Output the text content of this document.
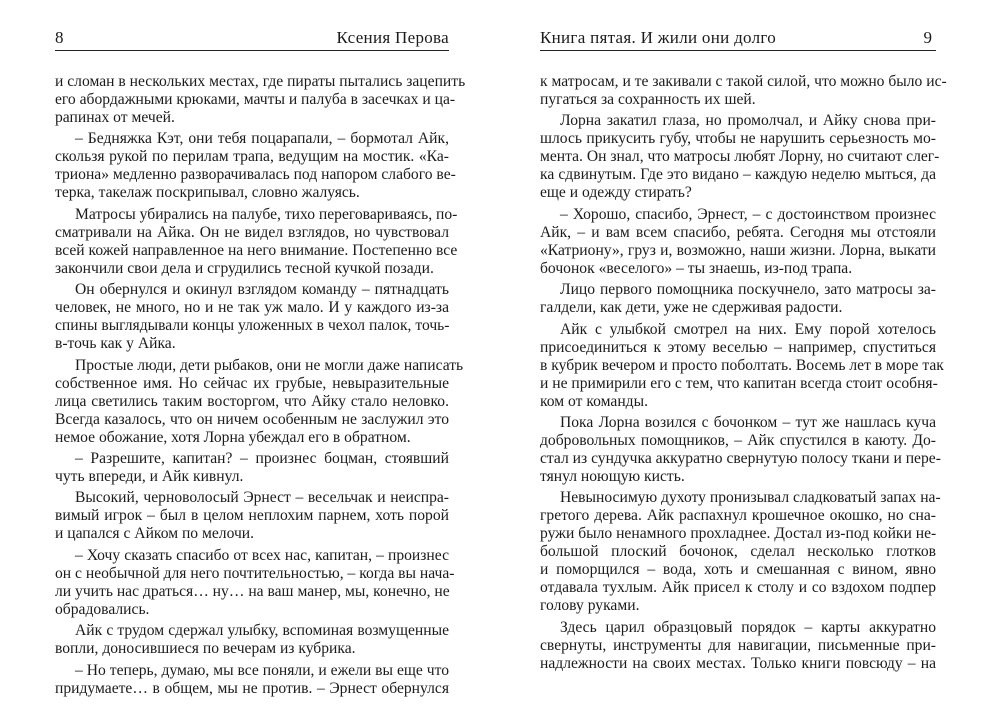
8	Ксения Перова
и сломан в нескольких местах, где пираты пытались зацепить
его абордажными крюками, мачты и палуба в засечках и ца-
рапинах от мечей.
– Бедняжка Кэт, они тебя поцарапали, – бормотал Айк,
скользя рукой по перилам трапа, ведущим на мостик. «Ка-
триона» медленно разворачивалась под напором слабого ве-
терка, такелаж поскрипывал, словно жалуясь.
Матросы убирались на палубе, тихо переговариваясь, по-
сматривали на Айка. Он не видел взглядов, но чувствовал
всей кожей направленное на него внимание. Постепенно все
закончили свои дела и сгрудились тесной кучкой позади.
Он обернулся и окинул взглядом команду – пятнадцать
человек, не много, но и не так уж мало. И у каждого из-за
спины выглядывали концы уложенных в чехол палок, точь-
в-точь как у Айка.
Простые люди, дети рыбаков, они не могли даже написать
собственное имя. Но сейчас их грубые, невыразительные
лица светились таким восторгом, что Айку стало неловко.
Всегда казалось, что он ничем особенным не заслужил это
немое обожание, хотя Лорна убеждал его в обратном.
– Разрешите, капитан? – произнес боцман, стоявший
чуть впереди, и Айк кивнул.
Высокий, черноволосый Эрнест – весельчак и неиспра-
вимый игрок – был в целом неплохим парнем, хоть порой
и цапался с Айком по мелочи.
– Хочу сказать спасибо от всех нас, капитан, – произнес
он с необычной для него почтительностью, – когда вы нача-
ли учить нас драться… ну… на ваш манер, мы, конечно, не
обрадовались.
Айк с трудом сдержал улыбку, вспоминая возмущенные
вопли, доносившиеся по вечерам из кубрика.
– Но теперь, думаю, мы все поняли, и ежели вы еще что
придумаете… в общем, мы не против. – Эрнест обернулся
Книга пятая. И жили они долго	9
к матросам, и те закивали с такой силой, что можно было ис-
пугаться за сохранность их шей.
Лорна закатил глаза, но промолчал, и Айку снова при-
шлось прикусить губу, чтобы не нарушить серьезность мо-
мента. Он знал, что матросы любят Лорну, но считают слег-
ка сдвинутым. Где это видано – каждую неделю мыться, да
еще и одежду стирать?
– Хорошо, спасибо, Эрнест, – с достоинством произнес
Айк, – и вам всем спасибо, ребята. Сегодня мы отстояли
«Катриону», груз и, возможно, наши жизни. Лорна, выкати
бочонок «веселого» – ты знаешь, из-под трапа.
Лицо первого помощника поскучнело, зато матросы за-
галдели, как дети, уже не сдерживая радости.
Айк с улыбкой смотрел на них. Ему порой хотелось
присоединиться к этому веселью – например, спуститься
в кубрик вечером и просто поболтать. Восемь лет в море так
и не примирили его с тем, что капитан всегда стоит особня-
ком от команды.
Пока Лорна возился с бочонком – тут же нашлась куча
добровольных помощников, – Айк спустился в каюту. До-
стал из сундучка аккуратно свернутую полосу ткани и пере-
тянул ноющую кисть.
Невыносимую духоту пронизывал сладковатый запах на-
гретого дерева. Айк распахнул крошечное окошко, но сна-
ружи было ненамного прохладнее. Достал из-под койки не-
большой плоский бочонок, сделал несколько глотков
и поморщился – вода, хоть и смешанная с вином, явно
отдавала тухлым. Айк присел к столу и со вздохом подпер
голову руками.
Здесь царил образцовый порядок – карты аккуратно
свернуты, инструменты для навигации, письменные при-
надлежности на своих местах. Только книги повсюду – на
